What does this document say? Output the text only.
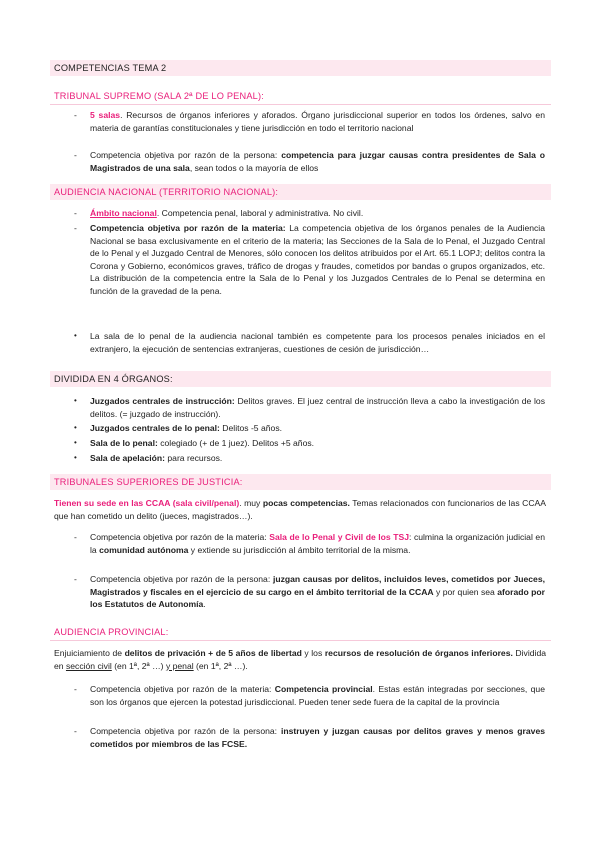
COMPETENCIAS TEMA 2
TRIBUNAL SUPREMO (SALA 2ª DE LO PENAL):
- 5 salas. Recursos de órganos inferiores y aforados. Órgano jurisdiccional superior en todos los órdenes, salvo en materia de garantías constitucionales y tiene jurisdicción en todo el territorio nacional

- Competencia objetiva por razón de la persona: competencia para juzgar causas contra presidentes de Sala o Magistrados de una sala, sean todos o la mayoría de ellos

AUDIENCIA NACIONAL (TERRITORIO NACIONAL):
- Ámbito nacional. Competencia penal, laboral y administrativa. No civil.

- Competencia objetiva por razón de la materia: La competencia objetiva de los órganos penales de la Audiencia Nacional se basa exclusivamente en el criterio de la materia; las Secciones de la Sala de lo Penal, el Juzgado Central de lo Penal y el Juzgado Central de Menores, sólo conocen los delitos atribuidos por el Art. 65.1 LOPJ; delitos contra la Corona y Gobierno, económicos graves, tráfico de drogas y fraudes, cometidos por bandas o grupos organizados, etc. La distribución de la competencia entre la Sala de lo Penal y los Juzgados Centrales de lo Penal se determina en función de la gravedad de la pena.

• La sala de lo penal de la audiencia nacional también es competente para los procesos penales iniciados en el extranjero, la ejecución de sentencias extranjeras, cuestiones de cesión de jurisdicción…

DIVIDIDA EN 4 ÓRGANOS:
• Juzgados centrales de instrucción: Delitos graves. El juez central de instrucción lleva a cabo la investigación de los delitos. (= juzgado de instrucción).

• Juzgados centrales de lo penal: Delitos -5 años.

• Sala de lo penal: colegiado (+ de 1 juez). Delitos +5 años.

• Sala de apelación: para recursos.

TRIBUNALES SUPERIORES DE JUSTICIA:

Tienen su sede en las CCAA (sala civil/penal). muy pocas competencias. Temas relacionados con funcionarios de las CCAA que han cometido un delito (jueces, magistrados…).

- Competencia objetiva por razón de la materia: Sala de lo Penal y Civil de los TSJ: culmina la organización judicial en la comunidad autónoma y extiende su jurisdicción al ámbito territorial de la misma.

- Competencia objetiva por razón de la persona: juzgan causas por delitos, incluidos leves, cometidos por Jueces, Magistrados y fiscales en el ejercicio de su cargo en el ámbito territorial de la CCAA y por quien sea aforado por los Estatutos de Autonomía.

AUDIENCIA PROVINCIAL:

Enjuiciamiento de delitos de privación + de 5 años de libertad y los recursos de resolución de órganos inferiores. Dividida en sección civil (en 1ª, 2ª …) y penal (en 1ª, 2ª …).

- Competencia objetiva por razón de la materia: Competencia provincial. Estas están integradas por secciones, que son los órganos que ejercen la potestad jurisdiccional. Pueden tener sede fuera de la capital de la provincia

- Competencia objetiva por razón de la persona: instruyen y juzgan causas por delitos graves y menos graves cometidos por miembros de las FCSE.
